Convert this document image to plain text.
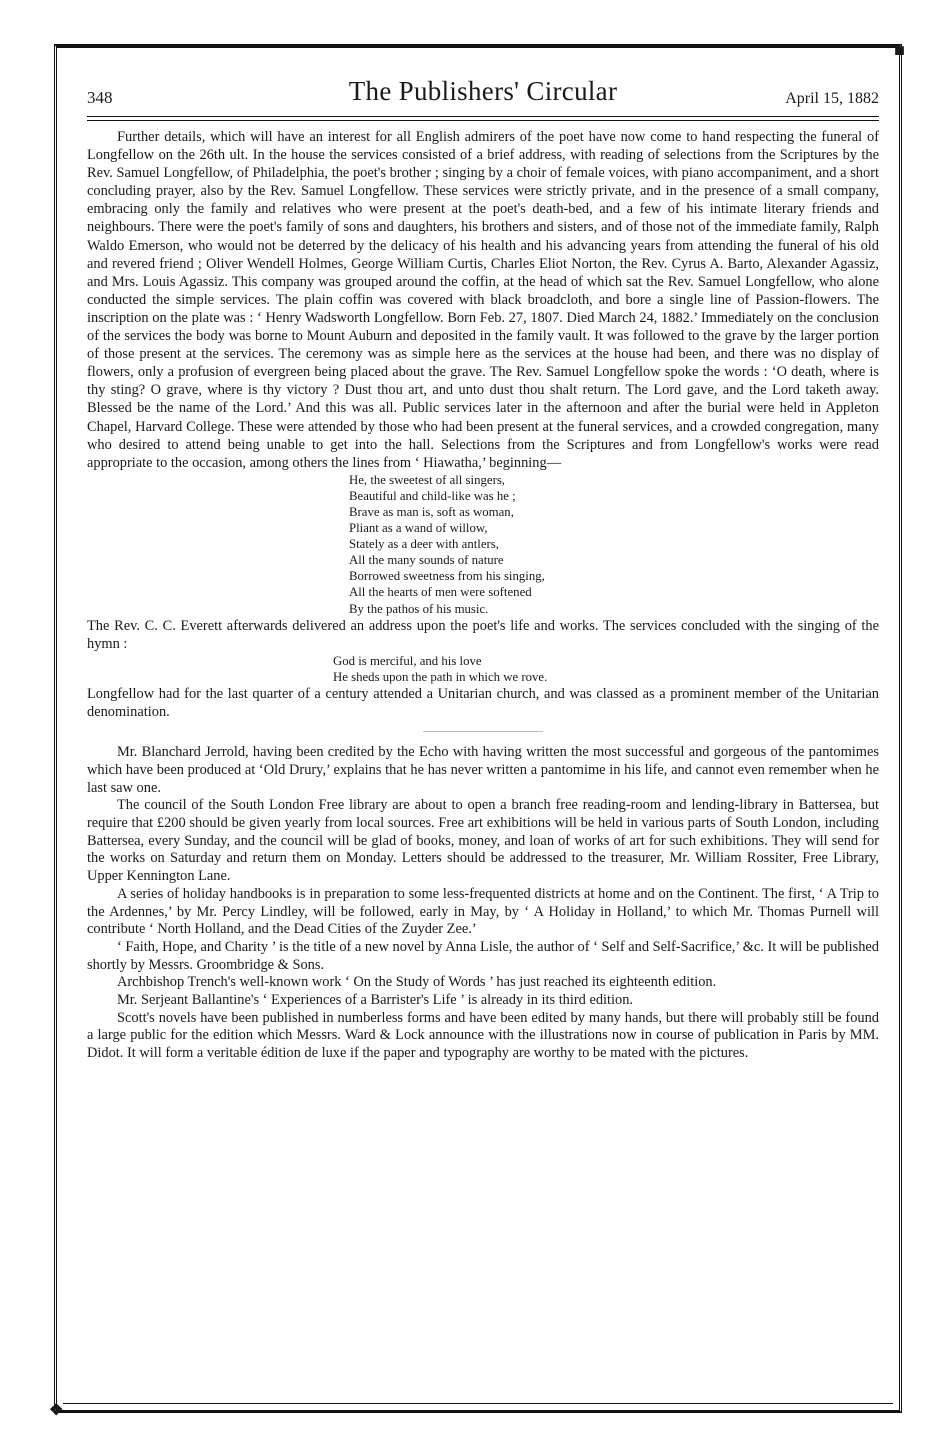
■
❖
348	The Publishers' Circular	April 15, 1882

Further details, which will have an interest for all English admirers of the poet have now come to hand respecting the funeral of Longfellow on the 26th ult. In the house the services consisted of a brief address, with reading of selections from the Scriptures by the Rev. Samuel Longfellow, of Philadelphia, the poet's brother ; singing by a choir of female voices, with piano accompaniment, and a short concluding prayer, also by the Rev. Samuel Longfellow. These services were strictly private, and in the presence of a small company, embracing only the family and relatives who were present at the poet's death-bed, and a few of his intimate literary friends and neighbours. There were the poet's family of sons and daughters, his brothers and sisters, and of those not of the immediate family, Ralph Waldo Emerson, who would not be deterred by the delicacy of his health and his advancing years from attending the funeral of his old and revered friend ; Oliver Wendell Holmes, George William Curtis, Charles Eliot Norton, the Rev. Cyrus A. Barto, Alexander Agassiz, and Mrs. Louis Agassiz. This company was grouped around the coffin, at the head of which sat the Rev. Samuel Longfellow, who alone conducted the simple services. The plain coffin was covered with black broadcloth, and bore a single line of Passion-flowers. The inscription on the plate was : ‘ Henry Wadsworth Longfellow. Born Feb. 27, 1807. Died March 24, 1882.’ Immediately on the conclusion of the services the body was borne to Mount Auburn and deposited in the family vault. It was followed to the grave by the larger portion of those present at the services. The ceremony was as simple here as the services at the house had been, and there was no display of flowers, only a profusion of evergreen being placed about the grave. The Rev. Samuel Longfellow spoke the words : ‘O death, where is thy sting? O grave, where is thy victory ? Dust thou art, and unto dust thou shalt return. The Lord gave, and the Lord taketh away. Blessed be the name of the Lord.’ And this was all. Public services later in the afternoon and after the burial were held in Appleton Chapel, Harvard College. These were attended by those who had been present at the funeral services, and a crowded congregation, many who desired to attend being unable to get into the hall. Selections from the Scriptures and from Longfellow's works were read appropriate to the occasion, among others the lines from ‘ Hiawatha,’ beginning—

He, the sweetest of all singers,
Beautiful and child-like was he ;
Brave as man is, soft as woman,
Pliant as a wand of willow,
Stately as a deer with antlers,
All the many sounds of nature
Borrowed sweetness from his singing,
All the hearts of men were softened
By the pathos of his music.

The Rev. C. C. Everett afterwards delivered an address upon the poet's life and works. The services concluded with the singing of the hymn :

God is merciful, and his love
He sheds upon the path in which we rove.

Longfellow had for the last quarter of a century attended a Unitarian church, and was classed as a prominent member of the Unitarian denomination.

Mr. Blanchard Jerrold, having been credited by the Echo with having written the most successful and gorgeous of the pantomimes which have been produced at ‘Old Drury,’ explains that he has never written a pantomime in his life, and cannot even remember when he last saw one.

The council of the South London Free library are about to open a branch free reading-room and lending-library in Battersea, but require that £200 should be given yearly from local sources. Free art exhibitions will be held in various parts of South London, including Battersea, every Sunday, and the council will be glad of books, money, and loan of works of art for such exhibitions. They will send for the works on Saturday and return them on Monday. Letters should be addressed to the treasurer, Mr. William Rossiter, Free Library, Upper Kennington Lane.

A series of holiday handbooks is in preparation to some less-frequented districts at home and on the Continent. The first, ‘ A Trip to the Ardennes,’ by Mr. Percy Lindley, will be followed, early in May, by ‘ A Holiday in Holland,’ to which Mr. Thomas Purnell will contribute ‘ North Holland, and the Dead Cities of the Zuyder Zee.’

‘ Faith, Hope, and Charity ’ is the title of a new novel by Anna Lisle, the author of ‘ Self and Self-Sacrifice,’ &c. It will be published shortly by Messrs. Groombridge & Sons.

Archbishop Trench's well-known work ‘ On the Study of Words ’ has just reached its eighteenth edition.

Mr. Serjeant Ballantine's ‘ Experiences of a Barrister's Life ’ is already in its third edition.

Scott's novels have been published in numberless forms and have been edited by many hands, but there will probably still be found a large public for the edition which Messrs. Ward & Lock announce with the illustrations now in course of publication in Paris by MM. Didot. It will form a veritable édition de luxe if the paper and typography are worthy to be mated with the pictures.
